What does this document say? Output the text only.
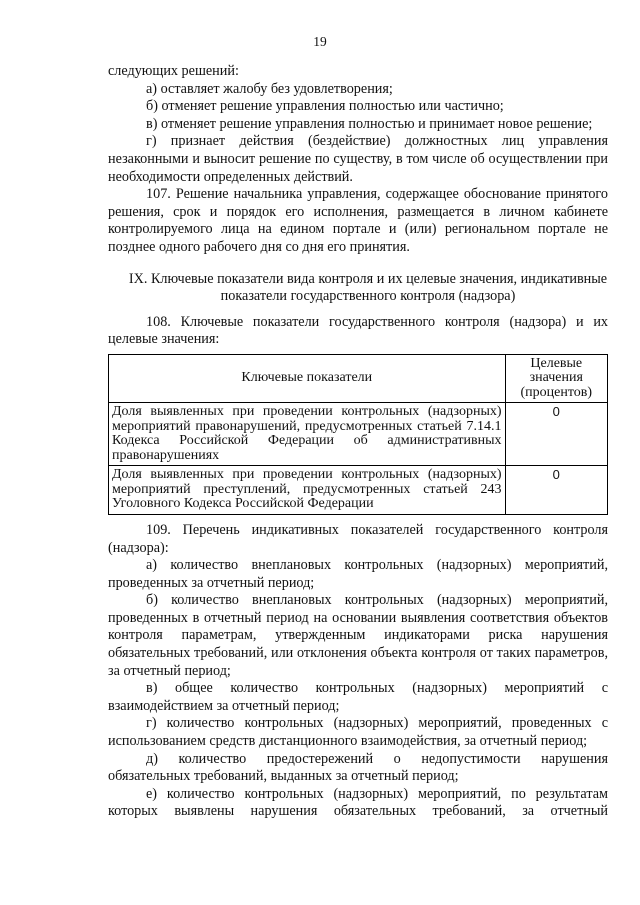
19

следующих решений:

а) оставляет жалобу без удовлетворения;

б) отменяет решение управления полностью или частично;

в) отменяет решение управления полностью и принимает новое решение;

г) признает действия (бездействие) должностных лиц управления незаконными и выносит решение по существу, в том числе об осуществлении при необходимости определенных действий.

107. Решение начальника управления, содержащее обоснование принятого решения, срок и порядок его исполнения, размещается в личном кабинете контролируемого лица на едином портале и (или) региональном портале не позднее одного рабочего дня со дня его принятия.

IX. Ключевые показатели вида контроля и их целевые значения, индикативные показатели государственного контроля (надзора)

108. Ключевые показатели государственного контроля (надзора) и их целевые значения:

Ключевые показатели	Целевые значения (процентов)
Доля выявленных при проведении контрольных (надзорных) мероприятий правонарушений, предусмотренных статьей 7.14.1 Кодекса Российской Федерации об административных правонарушениях	0
Доля выявленных при проведении контрольных (надзорных) мероприятий преступлений, предусмотренных статьей 243 Уголовного Кодекса Российской Федерации	0

109. Перечень индикативных показателей государственного контроля (надзора):

а) количество внеплановых контрольных (надзорных) мероприятий, проведенных за отчетный период;

б) количество внеплановых контрольных (надзорных) мероприятий, проведенных в отчетный период на основании выявления соответствия объектов контроля параметрам, утвержденным индикаторами риска нарушения обязательных требований, или отклонения объекта контроля от таких параметров, за отчетный период;

в) общее количество контрольных (надзорных) мероприятий с взаимодействием за отчетный период;

г) количество контрольных (надзорных) мероприятий, проведенных с использованием средств дистанционного взаимодействия, за отчетный период;

д) количество предостережений о недопустимости нарушения обязательных требований, выданных за отчетный период;

е) количество контрольных (надзорных) мероприятий, по результатам которых выявлены нарушения обязательных требований, за отчетный
